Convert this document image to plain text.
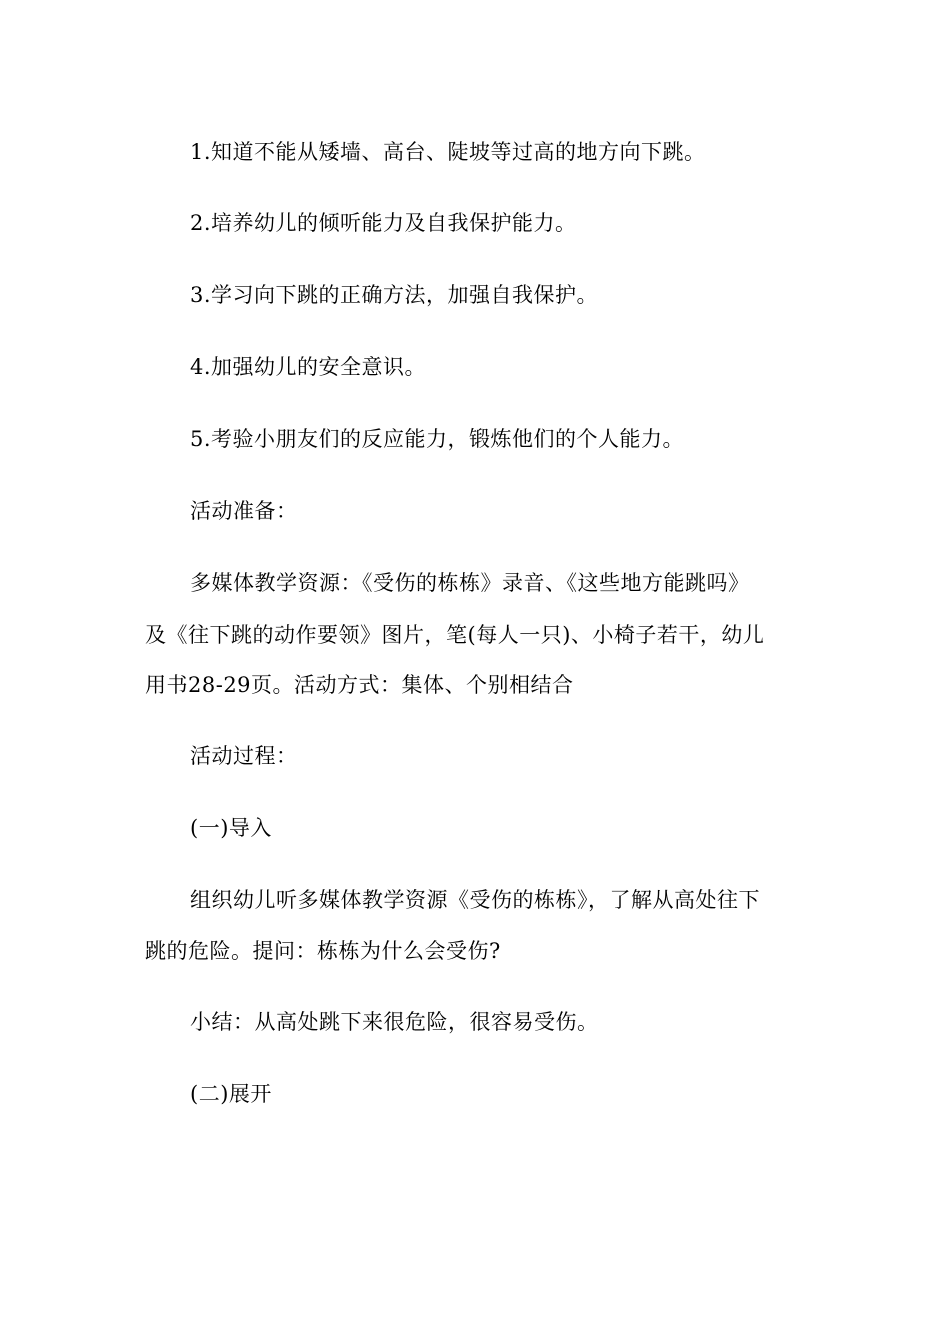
1.知道不能从矮墙、高台、陡坡等过高的地方向下跳。
2.培养幼儿的倾听能力及自我保护能力。
3.学习向下跳的正确方法，加强自我保护。
4.加强幼儿的安全意识。
5.考验小朋友们的反应能力，锻炼他们的个人能力。
活动准备：
多媒体教学资源：《受伤的栋栋》录音、《这些地方能跳吗》
及《往下跳的动作要领》图片，笔(每人一只)、小椅子若干，幼儿
用书28-29页。活动方式：集体、个别相结合
活动过程：
(一)导入
组织幼儿听多媒体教学资源《受伤的栋栋》，了解从高处往下
跳的危险。提问：栋栋为什么会受伤?
小结：从高处跳下来很危险，很容易受伤。
(二)展开
